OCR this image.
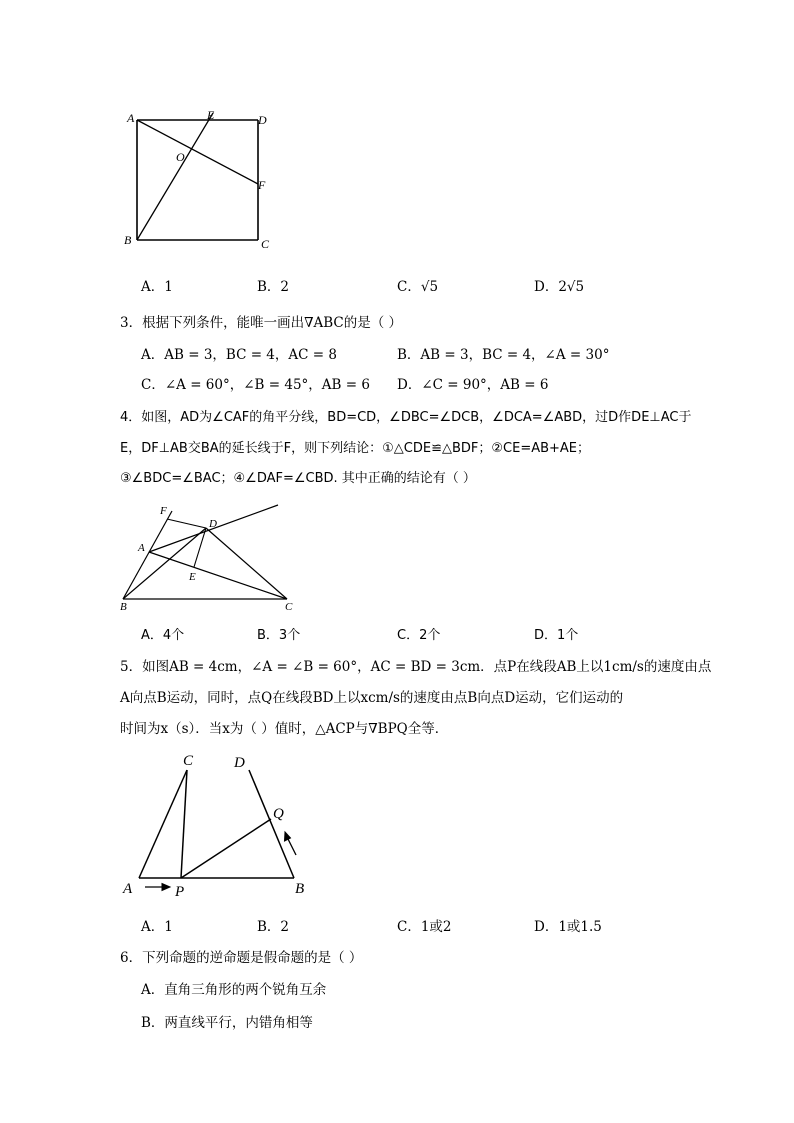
A	E	D
O
F
B	C
A．1	B．2	C．√5	D．2√5
3．根据下列条件，能唯一画出∇ABC的是（ ）
A．AB = 3，BC = 4，AC = 8	B．AB = 3，BC = 4，∠A = 30°
C．∠A = 60°，∠B = 45°，AB = 6 D．∠C = 90°，AB = 6
4．如图，AD为∠CAF的角平分线，BD=CD，∠DBC=∠DCB，∠DCA=∠ABD，过D作DE⊥AC于
E，DF⊥AB交BA的延长线于F，则下列结论：①△CDE≌△BDF；②CE=AB+AE；
③∠BDC=∠BAC；④∠DAF=∠CBD. 其中正确的结论有（ ）
F
D
A
E
B	C
A．4个	B．3个	C．2个	D．1个
5．如图AB = 4cm，∠A = ∠B = 60°，AC = BD = 3cm．点P在线段AB上以1cm/s的速度由点
A向点B运动，同时，点Q在线段BD上以xcm/s的速度由点B向点D运动，它们运动的
时间为x（s）．当x为（ ）值时，△ACP与∇BPQ全等．
C	D
Q
A	P	B
A．1	B．2	C．1或2	D．1或1.5
6．下列命题的逆命题是假命题的是（ ）
A．直角三角形的两个锐角互余
B．两直线平行，内错角相等
